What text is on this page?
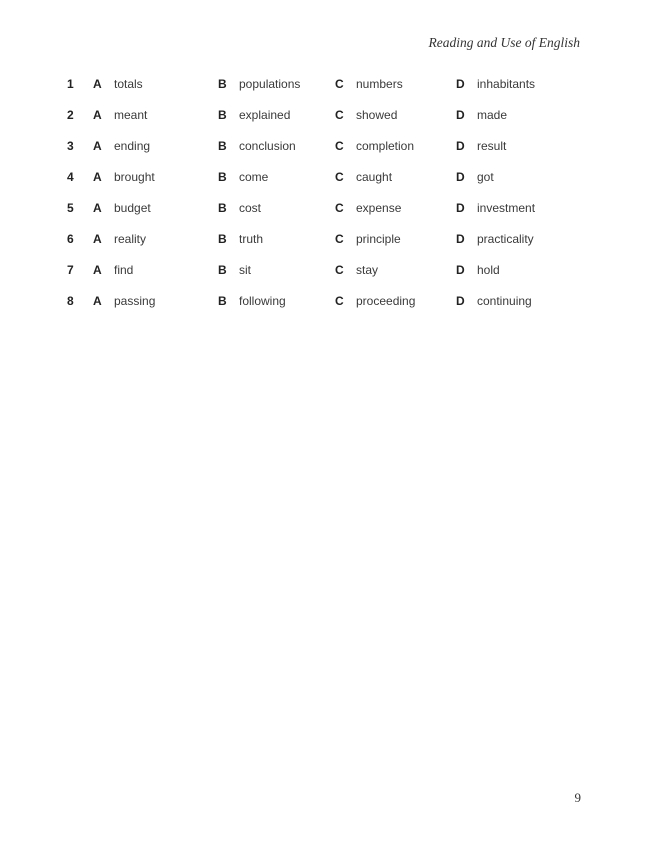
Reading and Use of English
1 A totals	B populations	C numbers	D inhabitants
2 A meant	B explained	C showed	D made
3 A ending	B conclusion	C completion	D result
4 A brought	B come	C caught	D got
5 A budget	B cost	C expense	D investment
6 A reality	B truth	C principle	D practicality
7 A find	B sit	C stay	D hold
8 A passing	B following	C proceeding	D continuing
9
